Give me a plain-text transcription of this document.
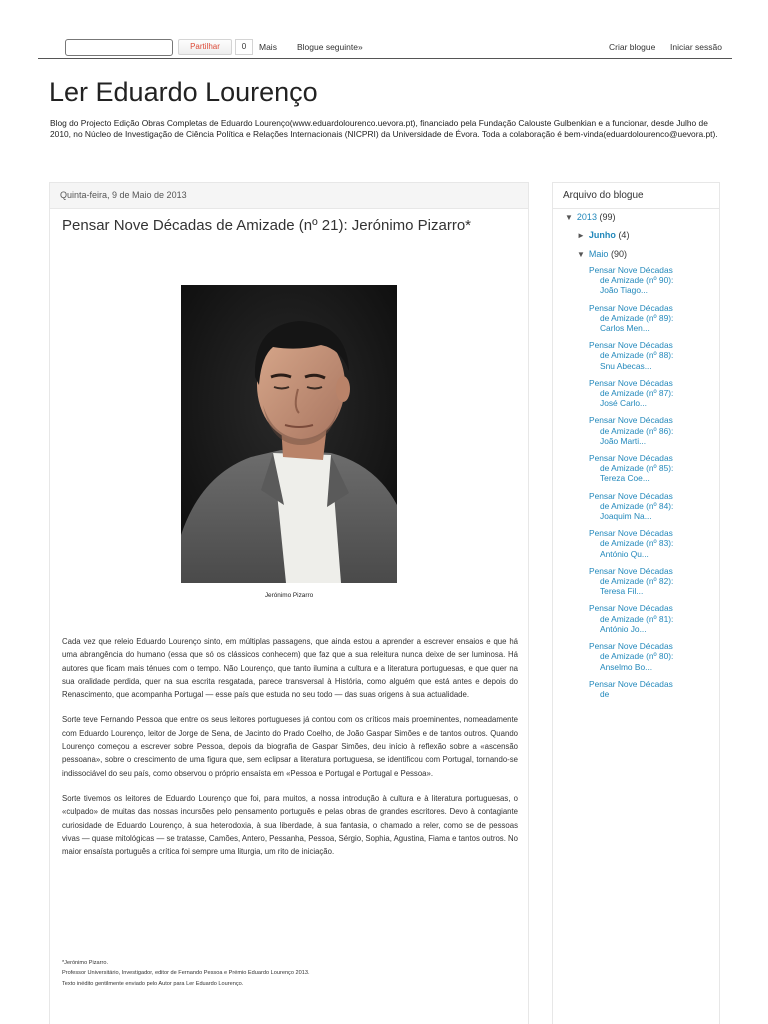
Partilhar	0	Mais Blogue seguinte»	Criar blogue Iniciar sessão
Ler Eduardo Lourenço
Blog do Projecto Edição Obras Completas de Eduardo Lourenço(www.eduardolourenco.uevora.pt), financiado pela Fundação Calouste Gulbenkian e a funcionar, desde Julho de 2010, no Núcleo de Investigação de Ciência Política e Relações Internacionais (NICPRI) da Universidade de Évora. Toda a colaboração é bem-vinda(eduardolourenco@uevora.pt).
Quinta-feira, 9 de Maio de 2013
Pensar Nove Décadas de Amizade (nº 21): Jerónimo Pizarro*
Jerónimo Pizarro

Cada vez que releio Eduardo Lourenço sinto, em múltiplas passagens, que ainda estou a aprender a escrever ensaios e que há uma abrangência do humano (essa que só os clássicos conhecem) que faz que a sua releitura nunca deixe de ser luminosa. Há autores que ficam mais ténues com o tempo. Não Lourenço, que tanto ilumina a cultura e a literatura portuguesas, e que quer na sua oralidade perdida, quer na sua escrita resgatada, parece transversal à História, como alguém que está antes e depois do Renascimento, que acompanha Portugal — esse país que estuda no seu todo — das suas origens à sua actualidade.

Sorte teve Fernando Pessoa que entre os seus leitores portugueses já contou com os críticos mais proeminentes, nomeadamente com Eduardo Lourenço, leitor de Jorge de Sena, de Jacinto do Prado Coelho, de João Gaspar Simões e de tantos outros. Quando Lourenço começou a escrever sobre Pessoa, depois da biografia de Gaspar Simões, deu início à reflexão sobre a «ascensão pessoana», sobre o crescimento de uma figura que, sem eclipsar a literatura portuguesa, se identificou com Portugal, tornando-se indissociável do seu país, como observou o próprio ensaísta em «Pessoa e Portugal e Portugal e Pessoa».

Sorte tivemos os leitores de Eduardo Lourenço que foi, para muitos, a nossa introdução à cultura e à literatura portuguesas, o «culpado» de muitas das nossas incursões pelo pensamento português e pelas obras de grandes escritores. Devo à contagiante curiosidade de Eduardo Lourenço, à sua heterodoxia, à sua liberdade, à sua fantasia, o chamado a reler, como se de pessoas vivas — quase mitológicas — se tratasse, Camões, Antero, Pessanha, Pessoa, Sérgio, Sophia, Agustina, Fiama e tantos outros. No maior ensaísta português a crítica foi sempre uma liturgia, um rito de iniciação.

*Jerónimo Pizarro.
Professor Universitário, Investigador, editor de Fernando Pessoa e Prémio Eduardo Lourenço 2013.
Texto inédito gentilmente enviado pelo Autor para Ler Eduardo Lourenço.
Arquivo do blogue
▼ 2013 (99)
► Junho (4)
▼ Maio (90)
Pensar Nove Décadas de Amizade (nº 90): João Tiago...
Pensar Nove Décadas de Amizade (nº 89): Carlos Men...
Pensar Nove Décadas de Amizade (nº 88): Snu Abecas...
Pensar Nove Décadas de Amizade (nº 87): José Carlo...
Pensar Nove Décadas de Amizade (nº 86): João Marti...
Pensar Nove Décadas de Amizade (nº 85): Tereza Coe...
Pensar Nove Décadas de Amizade (nº 84): Joaquim Na...
Pensar Nove Décadas de Amizade (nº 83): António Qu...
Pensar Nove Décadas de Amizade (nº 82): Teresa Fil...
Pensar Nove Décadas de Amizade (nº 81): António Jo...
Pensar Nove Décadas de Amizade (nº 80): Anselmo Bo...
Pensar Nove Décadas de
